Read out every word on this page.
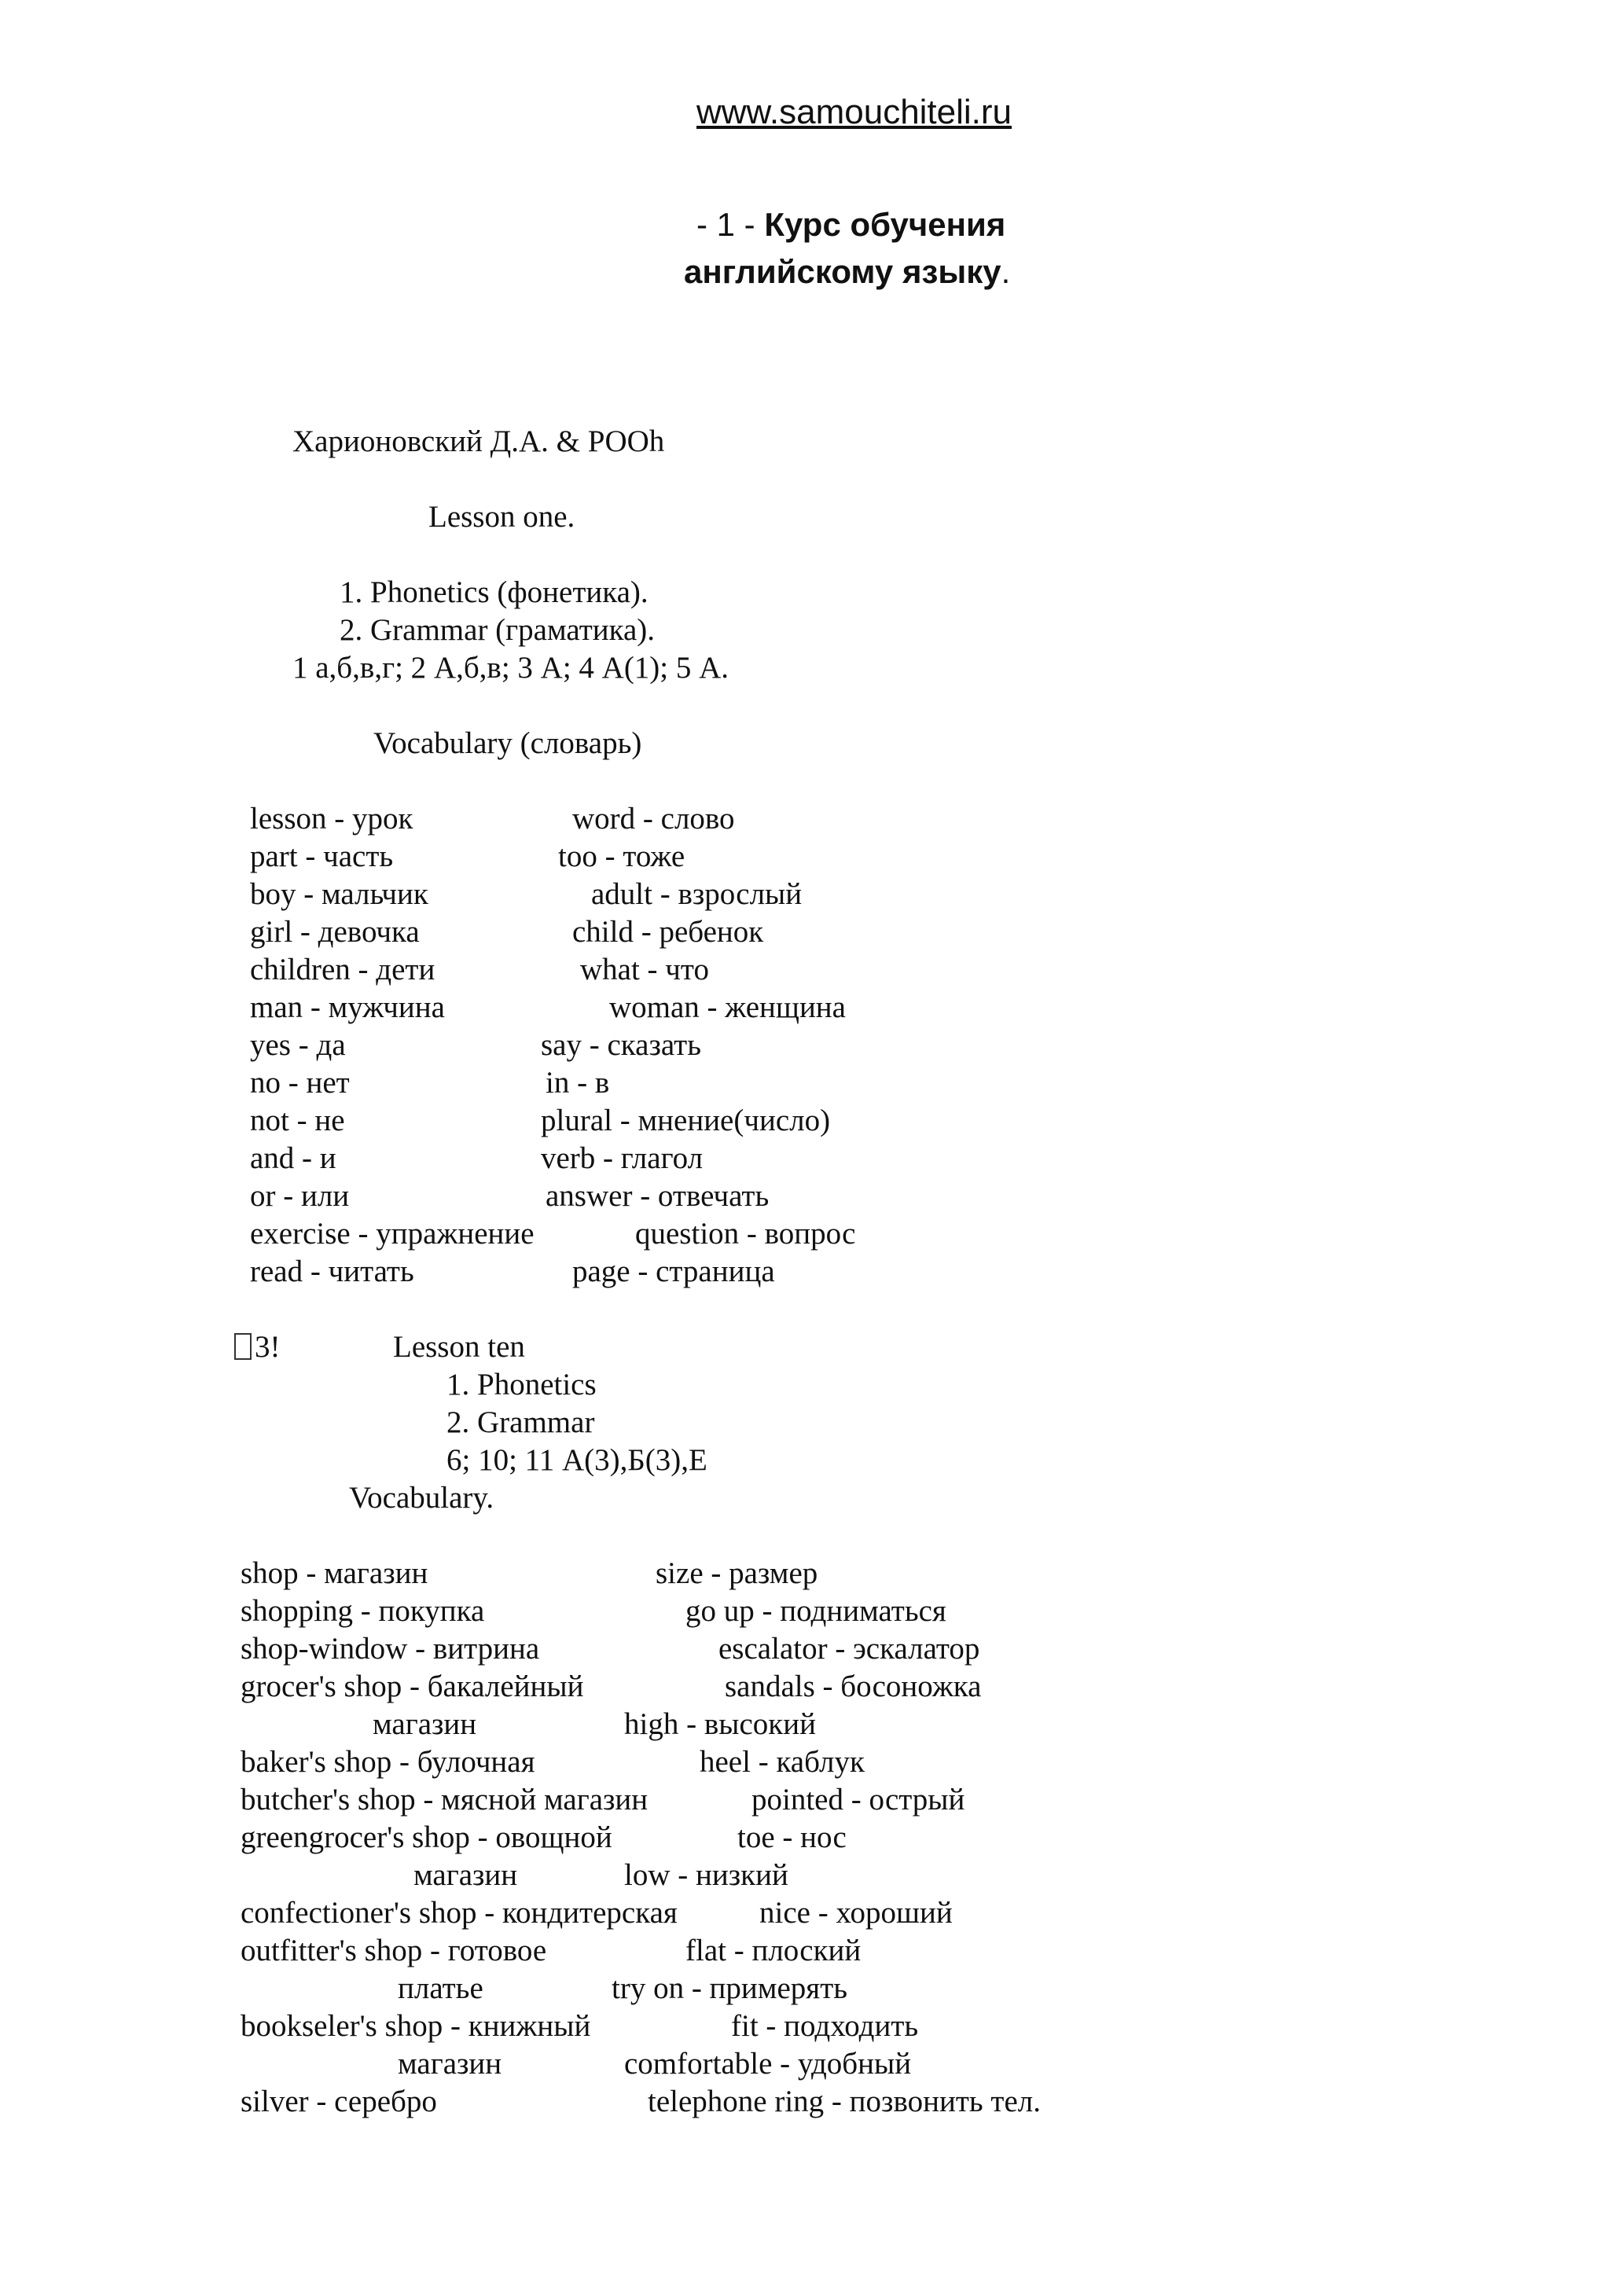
www.samouchiteli.ru
- 1 - Курс обучения
английскому языку.
Харионовский Д.А. & POOh
Lesson one.
1. Phonetics (фонетика).
2. Grammar (граматика).
1 а,б,в,г; 2 А,б,в; 3 А; 4 А(1); 5 А.
Vocabulary (словарь)
lesson - урок	word - слово
part - часть	too - тоже
boy - мальчик	adult - взрослый
girl - девочка	child - ребенок
children - дети	what - что
man - мужчина	woman - женщина
yes - да	say - сказать
no - нет	in - в
not - не	plural - мнение(число)
and - и	verb - глагол
or - или	answer - отвечать
exercise - упражнение	question - вопрос
read - читать	page - страница
3!	Lesson ten
1. Phonetics
2. Grammar
6; 10; 11 А(3),Б(3),Е
Vocabulary.
shop - магазин	size - размер
shopping - покупка	go up - подниматься
shop-window - витрина	escalator - эскалатор
grocer's shop - бакалейный	sandals - босоножка
магазин	high - высокий
baker's shop - булочная	heel - каблук
butcher's shop - мясной магазин	pointed - острый
greengrocer's shop - овощной	toe - нос
магазин	low - низкий
confectioner's shop - кондитерская	nice - хороший
outfitter's shop - готовое	flat - плоский
платье	try on - примерять
bookseler's shop - книжный	fit - подходить
магазин	comfortable - удобный
silver - серебро	telephone ring - позвонить тел.
